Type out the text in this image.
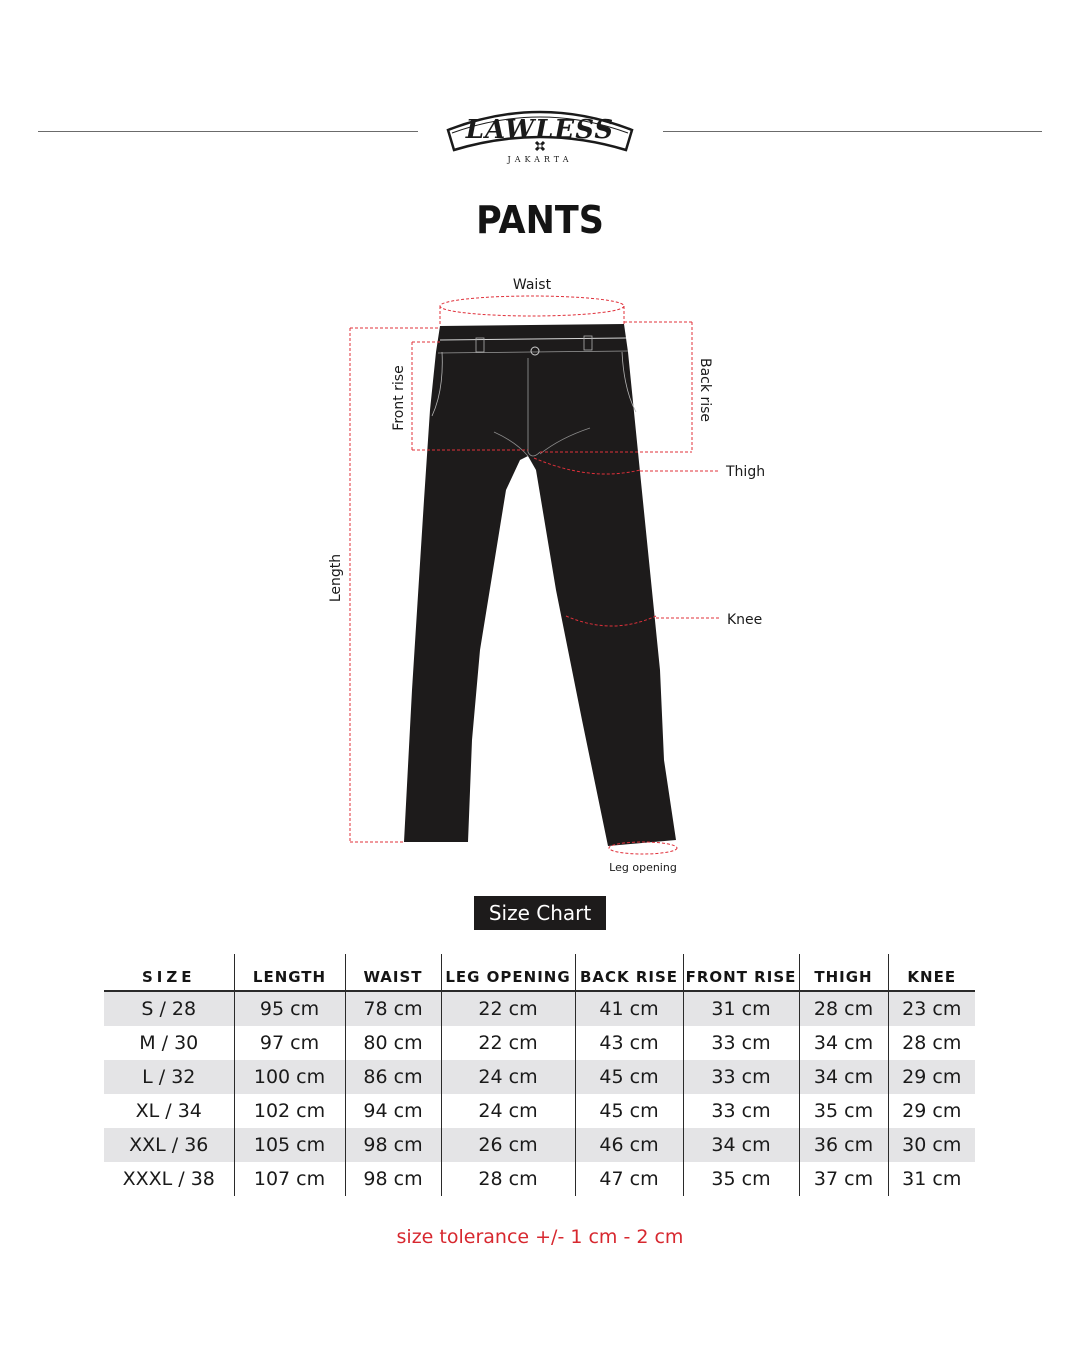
LAWLESS
JAKARTA
PANTS
Waist
Front rise	Back rise
Thigh
Knee
Length
Leg opening
Size Chart
SIZE	LENGTH	WAIST	LEG OPENING	BACK RISE	FRONT RISE	THIGH	KNEE
S / 28	95 cm	78 cm	22 cm	41 cm	31 cm	28 cm	23 cm
M / 30	97 cm	80 cm	22 cm	43 cm	33 cm	34 cm	28 cm
L / 32	100 cm	86 cm	24 cm	45 cm	33 cm	34 cm	29 cm
XL / 34	102 cm	94 cm	24 cm	45 cm	33 cm	35 cm	29 cm
XXL / 36	105 cm	98 cm	26 cm	46 cm	34 cm	36 cm	30 cm
XXXL / 38	107 cm	98 cm	28 cm	47 cm	35 cm	37 cm	31 cm
size tolerance +/- 1 cm - 2 cm
